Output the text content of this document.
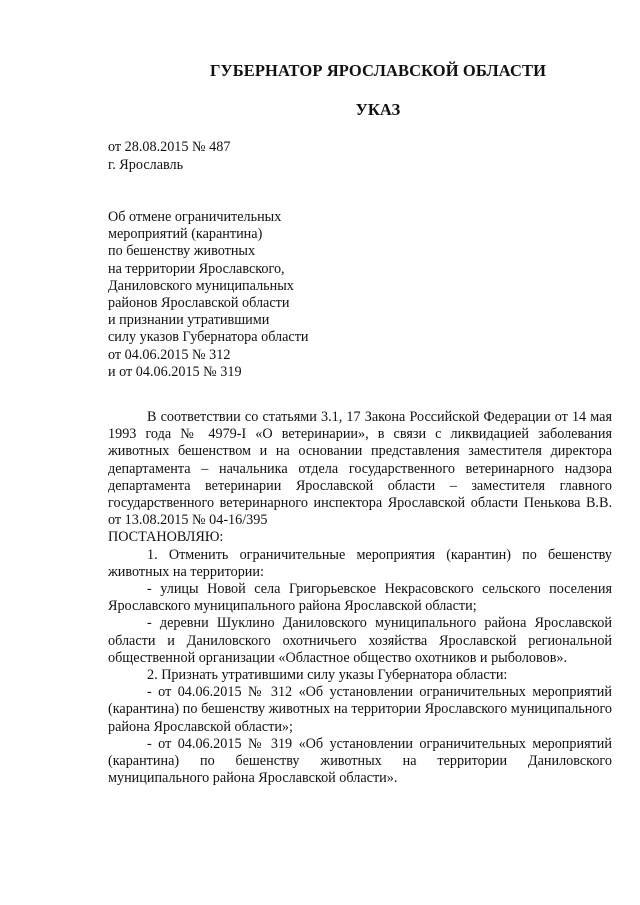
ГУБЕРНАТОР ЯРОСЛАВСКОЙ ОБЛАСТИ
УКАЗ
от 28.08.2015 № 487
г. Ярославль
Об отмене ограничительных
мероприятий (карантина)
по бешенству животных
на территории Ярославского,
Даниловского муниципальных
районов Ярославской области
и признании утратившими
силу указов Губернатора области
от 04.06.2015 № 312
и от 04.06.2015 № 319

В соответствии со статьями 3.1, 17 Закона Российской Федерации от 14 мая 1993 года № 4979-I «О ветеринарии», в связи с ликвидацией заболевания животных бешенством и на основании представления заместителя директора департамента – начальника отдела государственного ветеринарного надзора департамента ветеринарии Ярославской области – заместителя главного государственного ветеринарного инспектора Ярославской области Пенькова В.В. от 13.08.2015 № 04-16/395

ПОСТАНОВЛЯЮ:

1. Отменить ограничительные мероприятия (карантин) по бешенству животных на территории:

- улицы Новой села Григорьевское Некрасовского сельского поселения Ярославского муниципального района Ярославской области;

- деревни Шуклино Даниловского муниципального района Ярославской области и Даниловского охотничьего хозяйства Ярославской региональной общественной организации «Областное общество охотников и рыболовов».

2. Признать утратившими силу указы Губернатора области:

- от 04.06.2015 № 312 «Об установлении ограничительных мероприятий (карантина) по бешенству животных на территории Ярославского муниципального района Ярославской области»;

- от 04.06.2015 № 319 «Об установлении ограничительных мероприятий (карантина) по бешенству животных на территории Даниловского муниципального района Ярославской области».
